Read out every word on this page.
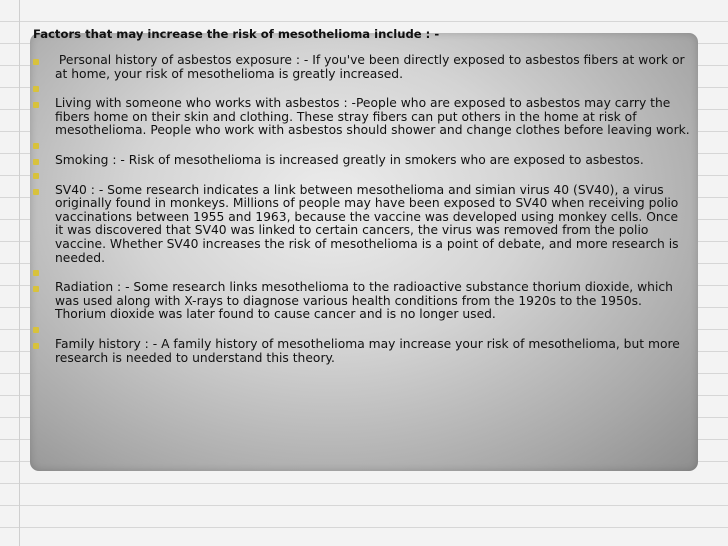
Factors that may increase the risk of mesothelioma include : -
Personal history of asbestos exposure : - If you've been directly exposed to asbestos fibers at work or at home, your risk of mesothelioma is greatly increased.
Living with someone who works with asbestos : -People who are exposed to asbestos may carry the fibers home on their skin and clothing. These stray fibers can put others in the home at risk of mesothelioma. People who work with asbestos should shower and change clothes before leaving work.
Smoking : - Risk of mesothelioma is increased greatly in smokers who are exposed to asbestos.
SV40 : - Some research indicates a link between mesothelioma and simian virus 40 (SV40), a virus originally found in monkeys. Millions of people may have been exposed to SV40 when receiving polio vaccinations between 1955 and 1963, because the vaccine was developed using monkey cells. Once it was discovered that SV40 was linked to certain cancers, the virus was removed from the polio vaccine. Whether SV40 increases the risk of mesothelioma is a point of debate, and more research is needed.
Radiation : - Some research links mesothelioma to the radioactive substance thorium dioxide, which was used along with X-rays to diagnose various health conditions from the 1920s to the 1950s. Thorium dioxide was later found to cause cancer and is no longer used.
Family history : - A family history of mesothelioma may increase your risk of mesothelioma, but more research is needed to understand this theory.
